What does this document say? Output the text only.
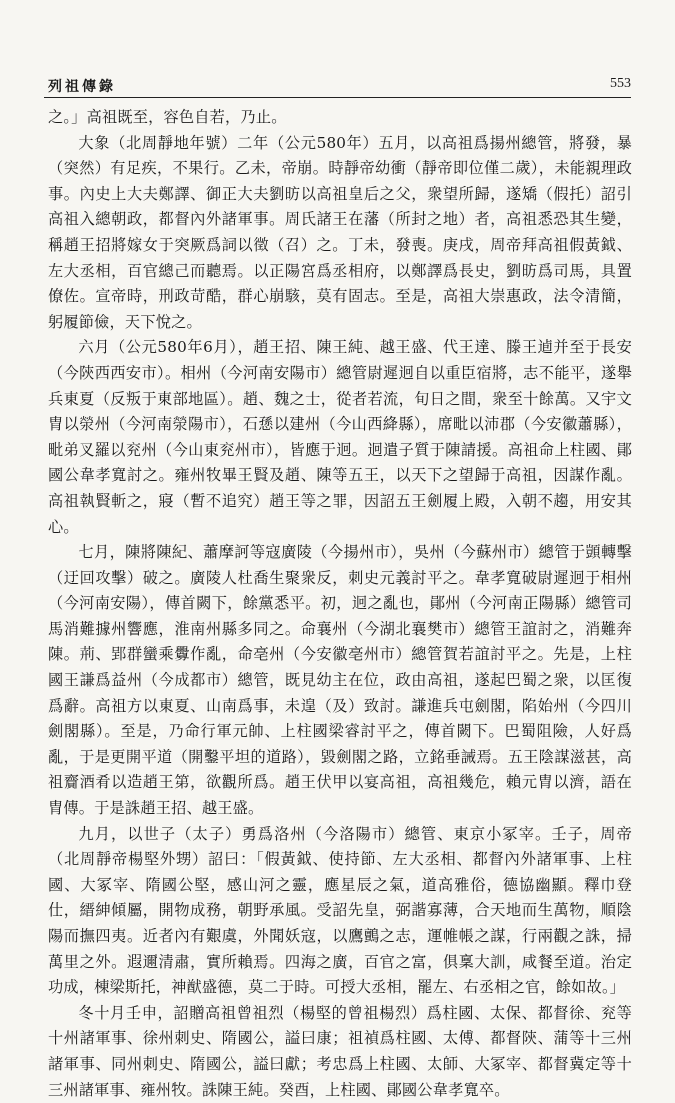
列祖傳錄	553

之。」高祖既至，容色自若，乃止。

大象（北周靜地年號）二年（公元580年）五月，以高祖爲揚州總管，將發，暴（突然）有足疾，不果行。乙未，帝崩。時靜帝幼衝（靜帝即位僅二歲），未能親理政事。內史上大夫鄭譯、御正大夫劉昉以高祖皇后之父，衆望所歸，遂矯（假托）詔引高祖入總朝政，都督內外諸軍事。周氏諸王在藩（所封之地）者，高祖悉恐其生變，稱趙王招將嫁女于突厥爲詞以徵（召）之。丁未，發喪。庚戌，周帝拜高祖假黃鉞、左大丞相，百官總己而聽焉。以正陽宮爲丞相府，以鄭譯爲長史，劉昉爲司馬，具置僚佐。宣帝時，刑政苛酷，群心崩駭，莫有固志。至是，高祖大崇惠政，法令清簡，躬履節儉，天下悅之。

六月（公元580年6月），趙王招、陳王純、越王盛、代王達、滕王逌并至于長安（今陝西西安市）。相州（今河南安陽市）總管尉遲迥自以重臣宿將，志不能平，遂舉兵東夏（反叛于東部地區）。趙、魏之士，從者若流，旬日之間，衆至十餘萬。又宇文胄以滎州（今河南滎陽市），石愻以建州（今山西絳縣），席毗以沛郡（今安徽蕭縣），毗弟叉羅以兖州（今山東兖州市），皆應于迥。迥遣子質于陳請援。高祖命上柱國、鄖國公韋孝寬討之。雍州牧畢王賢及趙、陳等五王，以天下之望歸于高祖，因謀作亂。高祖執賢斬之，寢（暫不追究）趙王等之罪，因詔五王劍履上殿，入朝不趨，用安其心。

七月，陳將陳紀、蕭摩訶等寇廣陵（今揚州市），吳州（今蘇州市）總管于顗轉擊（迂回攻擊）破之。廣陵人杜喬生聚衆反，刺史元義討平之。韋孝寬破尉遲迥于相州（今河南安陽），傳首闕下，餘黨悉平。初，迥之亂也，鄖州（今河南正陽縣）總管司馬消難據州響應，淮南州縣多同之。命襄州（今湖北襄樊市）總管王誼討之，消難奔陳。荊、郢群蠻乘釁作亂，命亳州（今安徽亳州市）總管賀若誼討平之。先是，上柱國王謙爲益州（今成都市）總管，既見幼主在位，政由高祖，遂起巴蜀之衆，以匡復爲辭。高祖方以東夏、山南爲事，未遑（及）致討。謙進兵屯劍閣，陷始州（今四川劍閣縣）。至是，乃命行軍元帥、上柱國梁睿討平之，傳首闕下。巴蜀阻險，人好爲亂，于是更開平道（開鑿平坦的道路），毀劍閣之路，立銘垂誡焉。五王陰謀滋甚，高祖齎酒肴以造趙王第，欲觀所爲。趙王伏甲以宴高祖，高祖幾危，賴元胄以濟，語在胄傳。于是誅趙王招、越王盛。

九月，以世子（太子）勇爲洛州（今洛陽市）總管、東京小冢宰。壬子，周帝（北周靜帝楊堅外甥）詔曰：「假黃鉞、使持節、左大丞相、都督內外諸軍事、上柱國、大冢宰、隋國公堅，感山河之靈，應星辰之氣，道高雅俗，德協幽顯。釋巾登仕，縉紳傾屬，開物成務，朝野承風。受詔先皇，弼諧寡薄，合天地而生萬物，順陰陽而撫四夷。近者內有艱虞，外聞妖寇，以鷹鸇之志，運帷帳之謀，行兩觀之誅，掃萬里之外。遐邇清肅，實所賴焉。四海之廣，百官之富，俱稟大訓，咸餐至道。治定功成，棟梁斯托，神猷盛德，莫二于時。可授大丞相，罷左、右丞相之官，餘如故。」

冬十月壬申，詔贈高祖曾祖烈（楊堅的曾祖楊烈）爲柱國、太保、都督徐、兖等十州諸軍事、徐州刺史、隋國公，謚曰康；祖禎爲柱國、太傅、都督陝、蒲等十三州諸軍事、同州刺史、隋國公，謚曰獻；考忠爲上柱國、太師、大冢宰、都督冀定等十三州諸軍事、雍州牧。誅陳王純。癸酉，上柱國、鄖國公韋孝寬卒。
